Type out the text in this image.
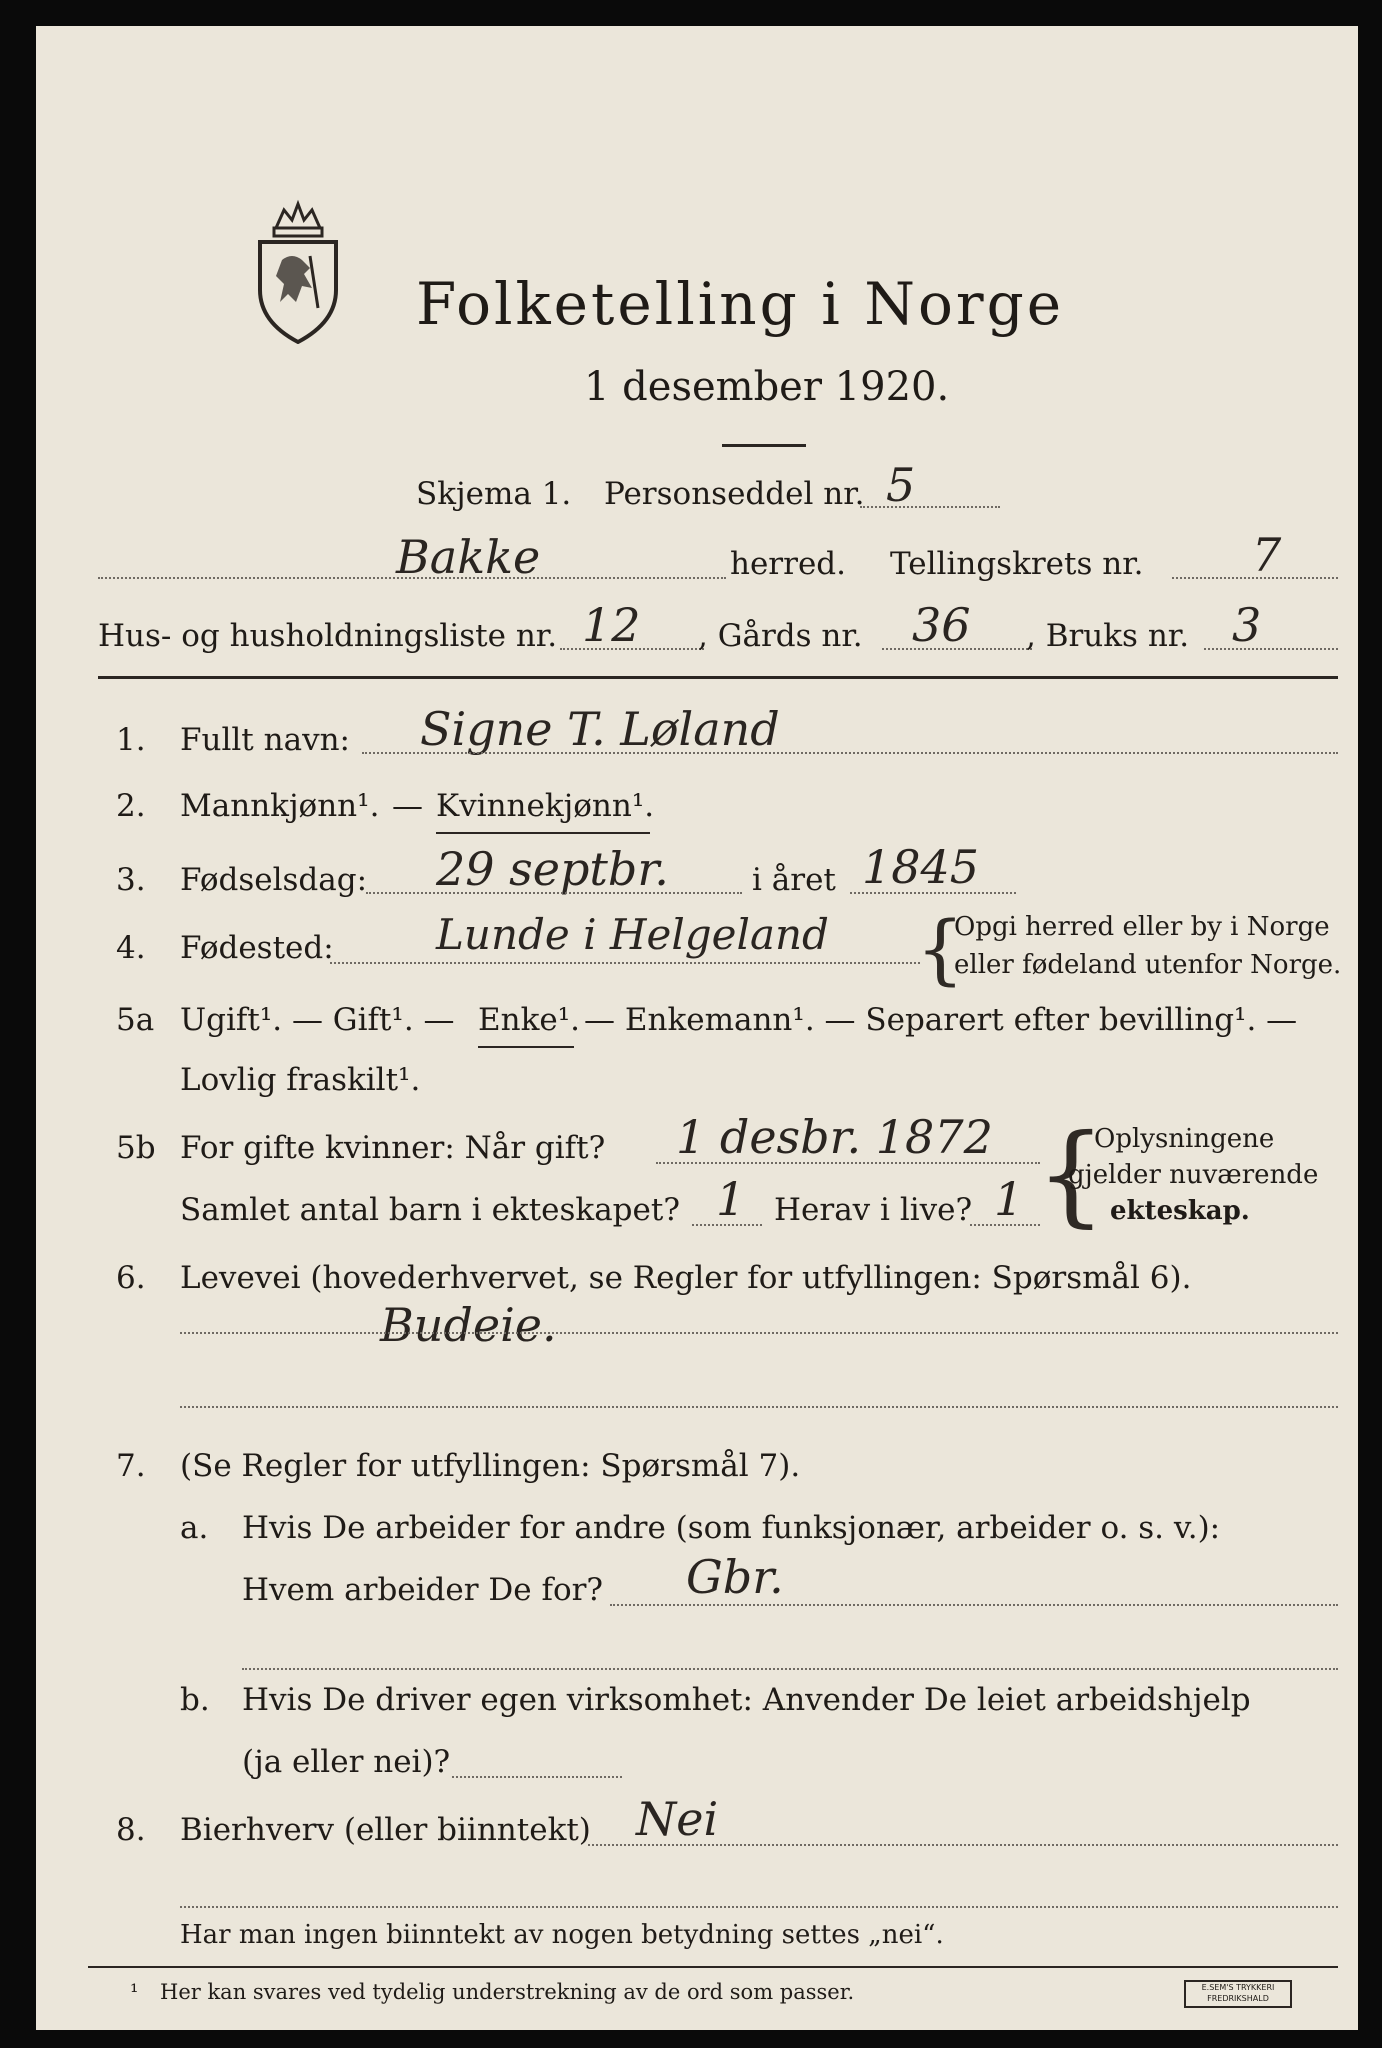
Folketelling i Norge
1 desember 1920.
Skjema 1. Personseddel nr. 5
Bakke	herred. Tellingskrets nr. 7
Hus- og husholdningsliste nr. 12 , Gårds nr. 36 , Bruks nr. 3
1. Fullt navn: Signe T. Løland
2. Mannkjønn¹. — Kvinnekjønn¹.
3. Fødselsdag: 29 septbr.	i året 1845
4. Fødested: Lunde i Helgeland {
Opgi herred eller by i Norge
eller fødeland utenfor Norge.
5a Ugift¹. — Gift¹. — Enke¹. — Enkemann¹. — Separert efter bevilling¹. —
Lovlig fraskilt¹.
5b For gifte kvinner: Når gift? 1 desbr. 1872
Samlet antal barn i ekteskapet? 1 Herav i live? 1 {
Oplysningene
gjelder nuværende
ekteskap.
6. Levevei (hovederhvervet, se Regler for utfyllingen: Spørsmål 6).
Budeie.
7. (Se Regler for utfyllingen: Spørsmål 7).
a. Hvis De arbeider for andre (som funksjonær, arbeider o. s. v.):
Hvem arbeider De for? Gbr.
b. Hvis De driver egen virksomhet: Anvender De leiet arbeidshjelp
(ja eller nei)?
8. Bierhverv (eller biinntekt) Nei
Har man ingen biinntekt av nogen betydning settes „nei“.
¹ Her kan svares ved tydelig understrekning av de ord som passer.	E.SEM'S TRYKKERI
FREDRIKSHALD
